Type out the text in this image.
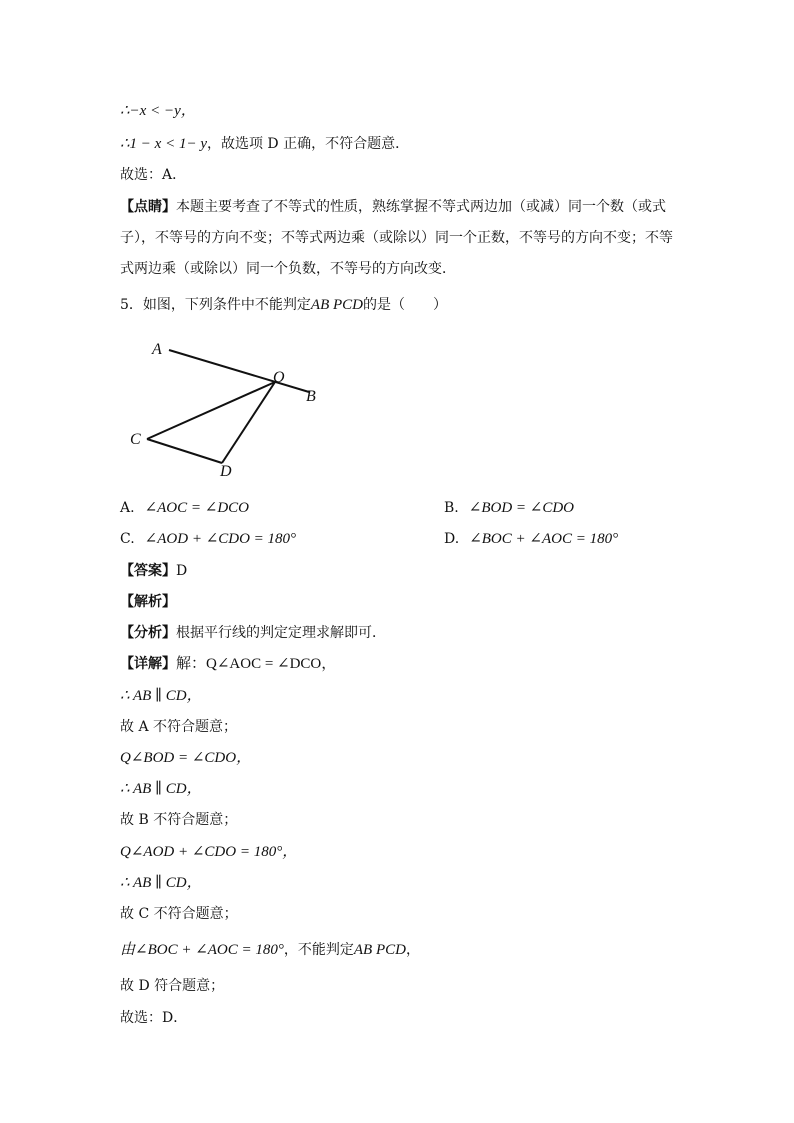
∴−x < −y，
∴1 − x < 1− y，故选项 D 正确，不符合题意．
故选：A．
【点睛】本题主要考查了不等式的性质，熟练掌握不等式两边加（或减）同一个数（或式
子），不等号的方向不变；不等式两边乘（或除以）同一个正数，不等号的方向不变；不等
式两边乘（或除以）同一个负数，不等号的方向改变．
5．如图，下列条件中不能判定AB PCD的是（　　）
A
O
B
C
D
A. ∠AOC = ∠DCO	B. ∠BOD = ∠CDO
C. ∠AOD + ∠CDO = 180°	D. ∠BOC + ∠AOC = 180°
【答案】D
【解析】
【分析】根据平行线的判定定理求解即可．
【详解】解：Q∠AOC = ∠DCO，
∴ AB ∥ CD，
故 A 不符合题意；
Q∠BOD = ∠CDO，
∴ AB ∥ CD，
故 B 不符合题意；
Q∠AOD + ∠CDO = 180°，
∴ AB ∥ CD，
故 C 不符合题意；
由∠BOC + ∠AOC = 180°，不能判定AB PCD，
故 D 符合题意；
故选：D．
